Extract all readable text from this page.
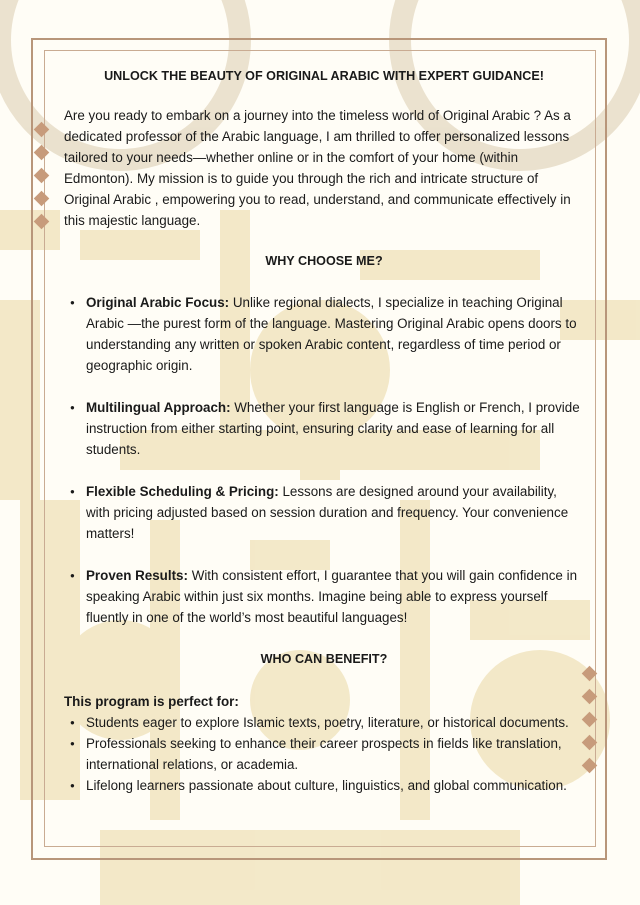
UNLOCK THE BEAUTY OF ORIGINAL ARABIC WITH EXPERT GUIDANCE!

Are you ready to embark on a journey into the timeless world of Original Arabic ? As a dedicated professor of the Arabic language, I am thrilled to offer personalized lessons tailored to your needs—whether online or in the comfort of your home (within Edmonton). My mission is to guide you through the rich and intricate structure of Original Arabic , empowering you to read, understand, and communicate effectively in this majestic language.

WHY CHOOSE ME?

● Original Arabic Focus: Unlike regional dialects, I specialize in teaching Original Arabic —the purest form of the language. Mastering Original Arabic opens doors to understanding any written or spoken Arabic content, regardless of time period or geographic origin.
● Multilingual Approach: Whether your first language is English or French, I provide instruction from either starting point, ensuring clarity and ease of learning for all students.
● Flexible Scheduling & Pricing: Lessons are designed around your availability, with pricing adjusted based on session duration and frequency. Your convenience matters!
● Proven Results: With consistent effort, I guarantee that you will gain confidence in speaking Arabic within just six months. Imagine being able to express yourself fluently in one of the world’s most beautiful languages!

WHO CAN BENEFIT?

This program is perfect for:
● Students eager to explore Islamic texts, poetry, literature, or historical documents.
● Professionals seeking to enhance their career prospects in fields like translation, international relations, or academia.
● Lifelong learners passionate about culture, linguistics, and global communication.
